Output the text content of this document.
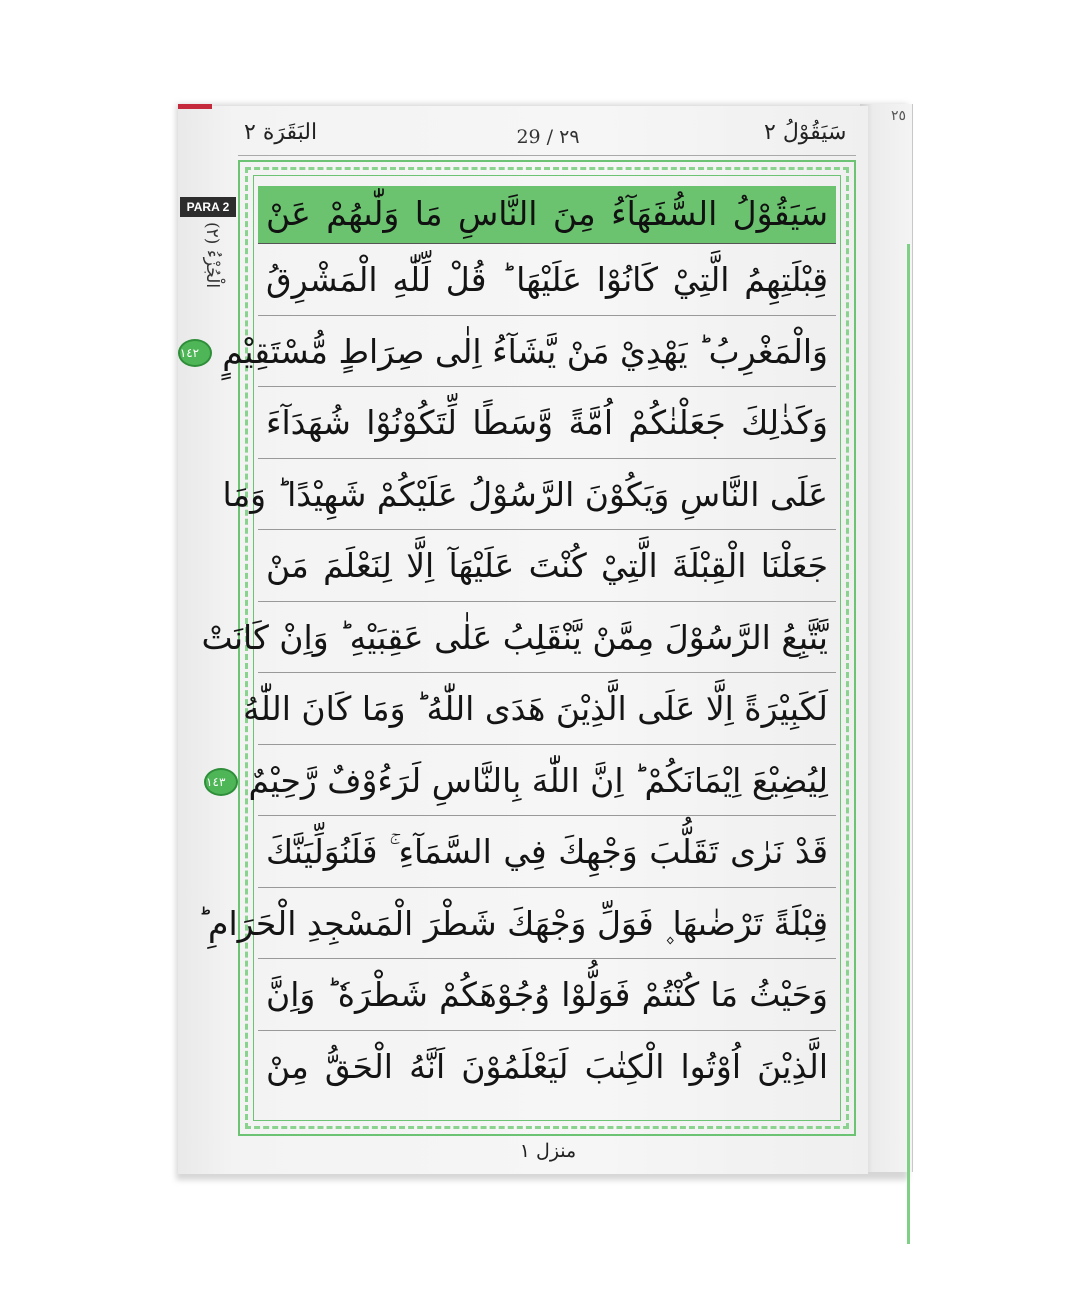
٢٥
البَقَرَة ٢	29 / ٢٩	سَيَقُوْلُ ٢
PARA 2
الْجُزْءُ (٢)
سَيَقُوْلُ السُّفَهَآءُ مِنَ النَّاسِ مَا وَلّٰىهُمْ عَنْ
قِبْلَتِهِمُ الَّتِيْ كَانُوْا عَلَيْهَا ؕ قُلْ لِّلّٰهِ الْمَشْرِقُ
وَالْمَغْرِبُ ؕ يَهْدِيْ مَنْ يَّشَآءُ اِلٰى صِرَاطٍ مُّسْتَقِيْمٍ ١٤٢
وَكَذٰلِكَ جَعَلْنٰكُمْ اُمَّةً وَّسَطًا لِّتَكُوْنُوْا شُهَدَآءَ
عَلَى النَّاسِ وَيَكُوْنَ الرَّسُوْلُ عَلَيْكُمْ شَهِيْدًا ؕ وَمَا
جَعَلْنَا الْقِبْلَةَ الَّتِيْ كُنْتَ عَلَيْهَآ اِلَّا لِنَعْلَمَ مَنْ
يَّتَّبِعُ الرَّسُوْلَ مِمَّنْ يَّنْقَلِبُ عَلٰى عَقِبَيْهِ ؕ وَاِنْ كَانَتْ
لَكَبِيْرَةً اِلَّا عَلَى الَّذِيْنَ هَدَى اللّٰهُ ؕ وَمَا كَانَ اللّٰهُ
لِيُضِيْعَ اِيْمَانَكُمْ ؕ اِنَّ اللّٰهَ بِالنَّاسِ لَرَءُوْفٌ رَّحِيْمٌ ١٤٣
قَدْ نَرٰى تَقَلُّبَ وَجْهِكَ فِي السَّمَآءِ ۚ فَلَنُوَلِّيَنَّكَ
قِبْلَةً تَرْضٰىهَا ۪ فَوَلِّ وَجْهَكَ شَطْرَ الْمَسْجِدِ الْحَرَامِ ؕ
وَحَيْثُ مَا كُنْتُمْ فَوَلُّوْا وُجُوْهَكُمْ شَطْرَهٗ ؕ وَاِنَّ
الَّذِيْنَ اُوْتُوا الْكِتٰبَ لَيَعْلَمُوْنَ اَنَّهُ الْحَقُّ مِنْ
منزل ١
